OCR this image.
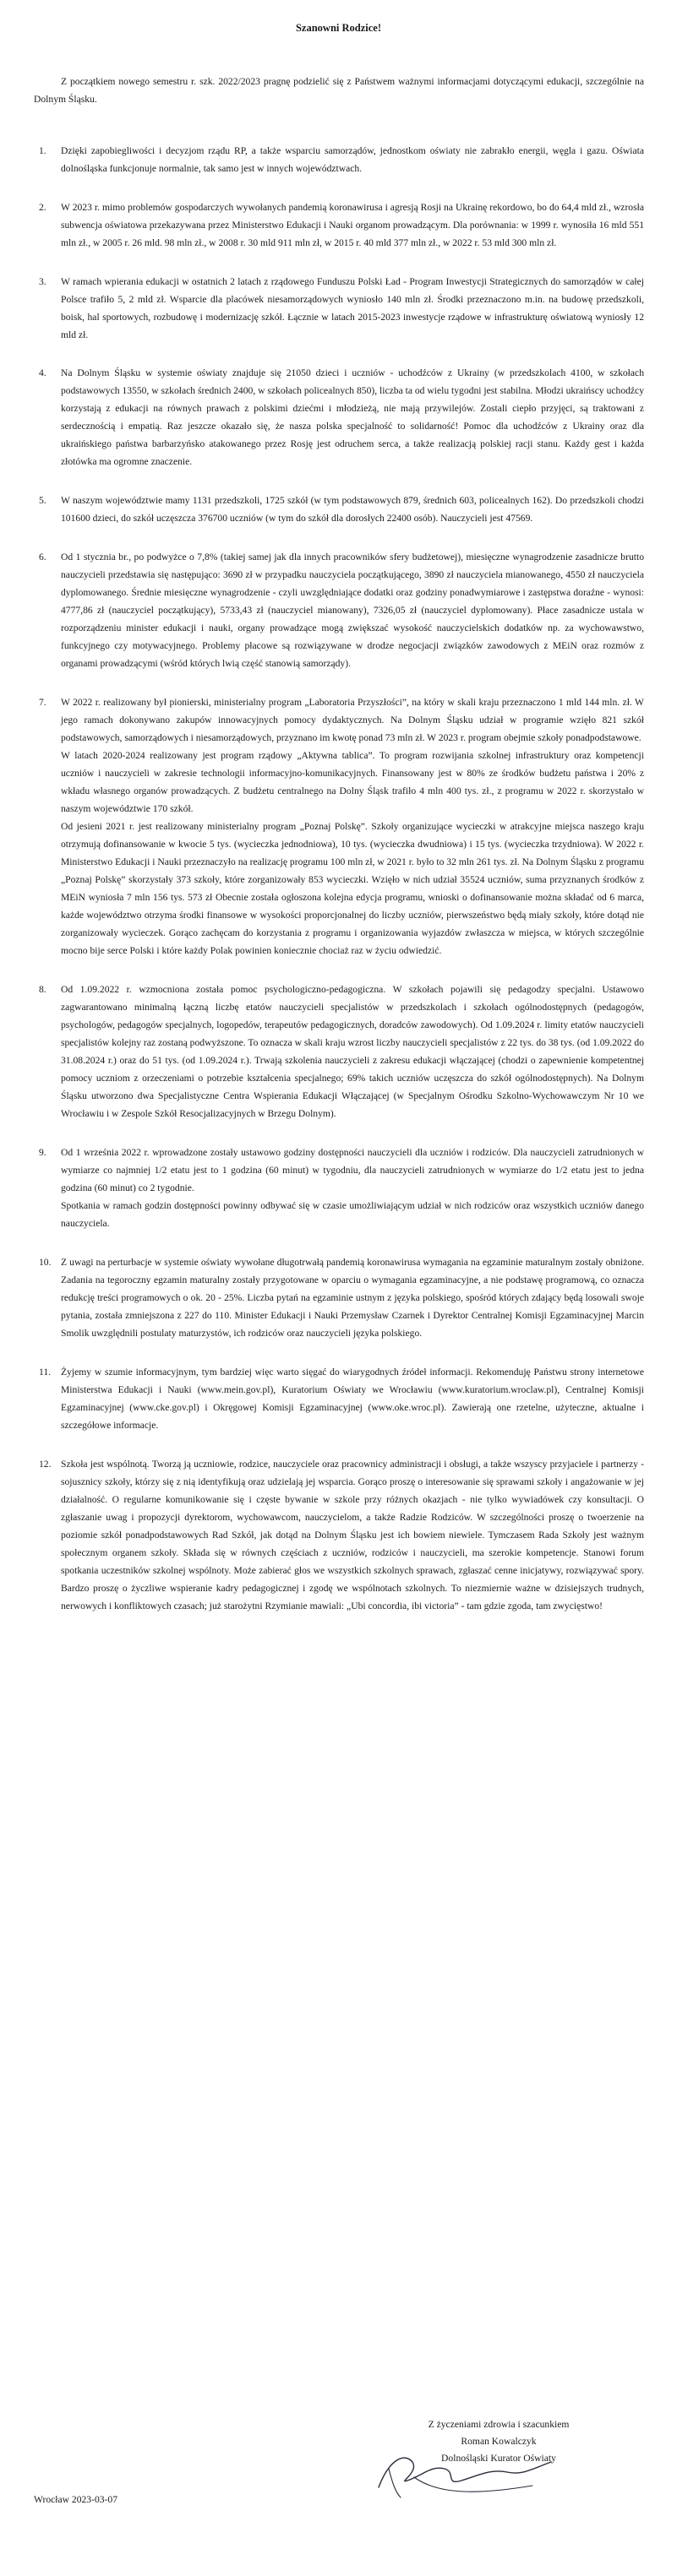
Szanowni Rodzice!

Z początkiem nowego semestru r. szk. 2022/2023 pragnę podzielić się z Państwem ważnymi informacjami dotyczącymi edukacji, szczególnie na Dolnym Śląsku.

1. Dzięki zapobiegliwości i decyzjom rządu RP, a także wsparciu samorządów, jednostkom oświaty nie zabrakło energii, węgla i gazu. Oświata dolnośląska funkcjonuje normalnie, tak samo jest w innych województwach.

2. W 2023 r. mimo problemów gospodarczych wywołanych pandemią koronawirusa i agresją Rosji na Ukrainę rekordowo, bo do 64,4 mld zł., wzrosła subwencja oświatowa przekazywana przez Ministerstwo Edukacji i Nauki organom prowadzącym. Dla porównania: w 1999 r. wynosiła 16 mld 551 mln zł., w 2005 r. 26 mld. 98 mln zł., w 2008 r. 30 mld 911 mln zł, w 2015 r. 40 mld 377 mln zł., w 2022 r. 53 mld 300 mln zł.

3. W ramach wpierania edukacji w ostatnich 2 latach z rządowego Funduszu Polski Ład - Program Inwestycji Strategicznych do samorządów w całej Polsce trafiło 5, 2 mld zł. Wsparcie dla placówek niesamorządowych wyniosło 140 mln zł. Środki przeznaczono m.in. na budowę przedszkoli, boisk, hal sportowych, rozbudowę i modernizację szkół. Łącznie w latach 2015-2023 inwestycje rządowe w infrastrukturę oświatową wyniosły 12 mld zł.

4. Na Dolnym Śląsku w systemie oświaty znajduje się 21050 dzieci i uczniów - uchodźców z Ukrainy (w przedszkolach 4100, w szkołach podstawowych 13550, w szkołach średnich 2400, w szkołach policealnych 850), liczba ta od wielu tygodni jest stabilna. Młodzi ukraińscy uchodźcy korzystają z edukacji na równych prawach z polskimi dziećmi i młodzieżą, nie mają przywilejów. Zostali ciepło przyjęci, są traktowani z serdecznością i empatią. Raz jeszcze okazało się, że nasza polska specjalność to solidarność! Pomoc dla uchodźców z Ukrainy oraz dla ukraińskiego państwa barbarzyńsko atakowanego przez Rosję jest odruchem serca, a także realizacją polskiej racji stanu. Każdy gest i każda złotówka ma ogromne znaczenie.

5. W naszym województwie mamy 1131 przedszkoli, 1725 szkół (w tym podstawowych 879, średnich 603, policealnych 162). Do przedszkoli chodzi 101600 dzieci, do szkół uczęszcza 376700 uczniów (w tym do szkół dla dorosłych 22400 osób). Nauczycieli jest 47569.

6. Od 1 stycznia br., po podwyżce o 7,8% (takiej samej jak dla innych pracowników sfery budżetowej), miesięczne wynagrodzenie zasadnicze brutto nauczycieli przedstawia się następująco: 3690 zł w przypadku nauczyciela początkującego, 3890 zł nauczyciela mianowanego, 4550 zł nauczyciela dyplomowanego. Średnie miesięczne wynagrodzenie - czyli uwzględniające dodatki oraz godziny ponadwymiarowe i zastępstwa doraźne - wynosi: 4777,86 zł (nauczyciel początkujący), 5733,43 zł (nauczyciel mianowany), 7326,05 zł (nauczyciel dyplomowany). Płace zasadnicze ustala w rozporządzeniu minister edukacji i nauki, organy prowadzące mogą zwiększać wysokość nauczycielskich dodatków np. za wychowawstwo, funkcyjnego czy motywacyjnego. Problemy płacowe są rozwiązywane w drodze negocjacji związków zawodowych z MEiN oraz rozmów z organami prowadzącymi (wśród których lwią część stanowią samorządy).

7. W 2022 r. realizowany był pionierski, ministerialny program „Laboratoria Przyszłości”, na który w skali kraju przeznaczono 1 mld 144 mln. zł. W jego ramach dokonywano zakupów innowacyjnych pomocy dydaktycznych. Na Dolnym Śląsku udział w programie wzięło 821 szkół podstawowych, samorządowych i niesamorządowych, przyznano im kwotę ponad 73 mln zł. W 2023 r. program obejmie szkoły ponadpodstawowe.

W latach 2020-2024 realizowany jest program rządowy „Aktywna tablica”. To program rozwijania szkolnej infrastruktury oraz kompetencji uczniów i nauczycieli w zakresie technologii informacyjno-komunikacyjnych. Finansowany jest w 80% ze środków budżetu państwa i 20% z wkładu własnego organów prowadzących. Z budżetu centralnego na Dolny Śląsk trafiło 4 mln 400 tys. zł., z programu w 2022 r. skorzystało w naszym województwie 170 szkół.

Od jesieni 2021 r. jest realizowany ministerialny program „Poznaj Polskę”. Szkoły organizujące wycieczki w atrakcyjne miejsca naszego kraju otrzymują dofinansowanie w kwocie 5 tys. (wycieczka jednodniowa), 10 tys. (wycieczka dwudniowa) i 15 tys. (wycieczka trzydniowa). W 2022 r. Ministerstwo Edukacji i Nauki przeznaczyło na realizację programu 100 mln zł, w 2021 r. było to 32 mln 261 tys. zł. Na Dolnym Śląsku z programu „Poznaj Polskę” skorzystały 373 szkoły, które zorganizowały 853 wycieczki. Wzięło w nich udział 35524 uczniów, suma przyznanych środków z MEiN wyniosła 7 mln 156 tys. 573 zł Obecnie została ogłoszona kolejna edycja programu, wnioski o dofinansowanie można składać od 6 marca, każde województwo otrzyma środki finansowe w wysokości proporcjonalnej do liczby uczniów, pierwszeństwo będą miały szkoły, które dotąd nie zorganizowały wycieczek. Gorąco zachęcam do korzystania z programu i organizowania wyjazdów zwłaszcza w miejsca, w których szczególnie mocno bije serce Polski i które każdy Polak powinien koniecznie chociaż raz w życiu odwiedzić.

8. Od 1.09.2022 r. wzmocniona została pomoc psychologiczno-pedagogiczna. W szkołach pojawili się pedagodzy specjalni. Ustawowo zagwarantowano minimalną łączną liczbę etatów nauczycieli specjalistów w przedszkolach i szkołach ogólnodostępnych (pedagogów, psychologów, pedagogów specjalnych, logopedów, terapeutów pedagogicznych, doradców zawodowych). Od 1.09.2024 r. limity etatów nauczycieli specjalistów kolejny raz zostaną podwyższone. To oznacza w skali kraju wzrost liczby nauczycieli specjalistów z 22 tys. do 38 tys. (od 1.09.2022 do 31.08.2024 r.) oraz do 51 tys. (od 1.09.2024 r.). Trwają szkolenia nauczycieli z zakresu edukacji włączającej (chodzi o zapewnienie kompetentnej pomocy uczniom z orzeczeniami o potrzebie kształcenia specjalnego; 69% takich uczniów uczęszcza do szkół ogólnodostępnych). Na Dolnym Śląsku utworzono dwa Specjalistyczne Centra Wspierania Edukacji Włączającej (w Specjalnym Ośrodku Szkolno-Wychowawczym Nr 10 we Wrocławiu i w Zespole Szkół Resocjalizacyjnych w Brzegu Dolnym).

9. Od 1 września 2022 r. wprowadzone zostały ustawowo godziny dostępności nauczycieli dla uczniów i rodziców. Dla nauczycieli zatrudnionych w wymiarze co najmniej 1/2 etatu jest to 1 godzina (60 minut) w tygodniu, dla nauczycieli zatrudnionych w wymiarze do 1/2 etatu jest to jedna godzina (60 minut) co 2 tygodnie.

Spotkania w ramach godzin dostępności powinny odbywać się w czasie umożliwiającym udział w nich rodziców oraz wszystkich uczniów danego nauczyciela.

10. Z uwagi na perturbacje w systemie oświaty wywołane długotrwałą pandemią koronawirusa wymagania na egzaminie maturalnym zostały obniżone. Zadania na tegoroczny egzamin maturalny zostały przygotowane w oparciu o wymagania egzaminacyjne, a nie podstawę programową, co oznacza redukcję treści programowych o ok. 20 - 25%. Liczba pytań na egzaminie ustnym z języka polskiego, spośród których zdający będą losowali swoje pytania, została zmniejszona z 227 do 110. Minister Edukacji i Nauki Przemysław Czarnek i Dyrektor Centralnej Komisji Egzaminacyjnej Marcin Smolik uwzględnili postulaty maturzystów, ich rodziców oraz nauczycieli języka polskiego.

11. Żyjemy w szumie informacyjnym, tym bardziej więc warto sięgać do wiarygodnych źródeł informacji. Rekomenduję Państwu strony internetowe Ministerstwa Edukacji i Nauki (www.mein.gov.pl), Kuratorium Oświaty we Wrocławiu (www.kuratorium.wroclaw.pl), Centralnej Komisji Egzaminacyjnej (www.cke.gov.pl) i Okręgowej Komisji Egzaminacyjnej (www.oke.wroc.pl). Zawierają one rzetelne, użyteczne, aktualne i szczegółowe informacje.

12. Szkoła jest wspólnotą. Tworzą ją uczniowie, rodzice, nauczyciele oraz pracownicy administracji i obsługi, a także wszyscy przyjaciele i partnerzy - sojusznicy szkoły, którzy się z nią identyfikują oraz udzielają jej wsparcia. Gorąco proszę o interesowanie się sprawami szkoły i angażowanie w jej działalność. O regularne komunikowanie się i częste bywanie w szkole przy różnych okazjach - nie tylko wywiadówek czy konsultacji. O zgłaszanie uwag i propozycji dyrektorom, wychowawcom, nauczycielom, a także Radzie Rodziców. W szczególności proszę o twoerzenie na poziomie szkół ponadpodstawowych Rad Szkół, jak dotąd na Dolnym Śląsku jest ich bowiem niewiele. Tymczasem Rada Szkoły jest ważnym społecznym organem szkoły. Składa się w równych częściach z uczniów, rodziców i nauczycieli, ma szerokie kompetencje. Stanowi forum spotkania uczestników szkolnej wspólnoty. Może zabierać głos we wszystkich szkolnych sprawach, zgłaszać cenne inicjatywy, rozwiązywać spory. Bardzo proszę o życzliwe wspieranie kadry pedagogicznej i zgodę we wspólnotach szkolnych. To niezmiernie ważne w dzisiejszych trudnych, nerwowych i konfliktowych czasach; już starożytni Rzymianie mawiali: „Ubi concordia, ibi victoria” - tam gdzie zgoda, tam zwycięstwo!

Z życzeniami zdrowia i szacunkiem
Roman Kowalczyk
Dolnośląski Kurator Oświaty
Wrocław 2023-03-07
